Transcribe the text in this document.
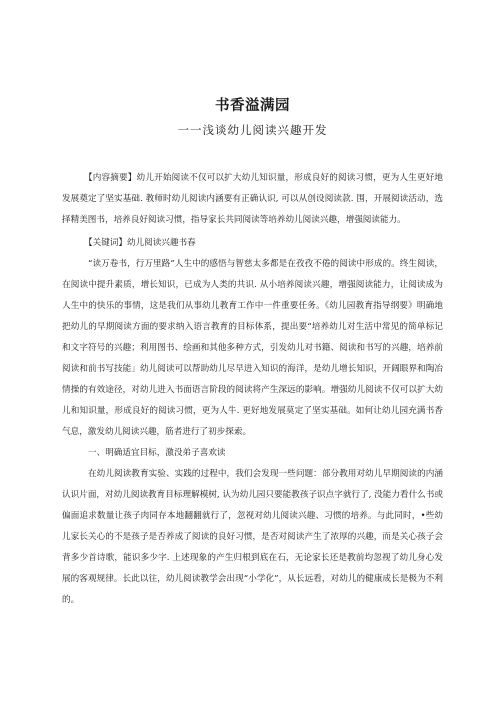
书香溢满园

一一浅谈幼儿阅读兴趣开发

【内容摘要】幼儿开始阅读不仅可以扩大幼儿知识量，形成良好的阅读习惯，更为人生更好地发展奠定了坚实基础. 教师时幼儿阅读内涵要有正确认识, 可以从创设阅读款. 围，开展阅读活动，选择精美图书，培养良好阅读习惯，指导家长共同阅读等培养幼儿阅读兴趣，增强阅读能力。

【关键词】幼儿阅读兴趣书春

“读万卷书，行万里路”人生中的感悟与智慈太多都是在孜孜不倦的阅读中形成的。终生阅读，在阅读中提升素质，增长知识，已成为人类的共识. 从小培养阅读兴趣，增强阅读能力，让阅读成为人生中的快乐的事情，这是我们从事幼儿教育工作中一件重要任务。《幼儿园教育指导纲要》明确地把幼儿的早期阅读方面的要求纳入语言教育的目标体系，提出要“培养幼儿对生活中常见的简单标记和文字符号的兴趣；利用图书、绘画和其他多种方式，引发幼儿对书籍、阅读和书写的兴趣，培养前阅读和前书写技能」幼儿阅读可以帮助幼儿尽早进入知识的海洋，是幼儿增长知识，开阔眼界和陶冶情操的有效途径，对幼儿进入书面语言阶段的阅读将产生深远的影响。增强幼儿阅读不仅可以扩大幼儿和知识量，形成良好的阅读习惯，更为人牛. 更好地发展莫定了坚实基础。如何让幼儿园充满书香气息，激发幼儿阅读兴趣，筋者进行了初步探索。

一、明确适宜目标，激没弟子喜欢读

在幼儿阅读教育实验、实践的过程中，我们会发现一些问题：部分教用对幼儿早期阅读的内涵认识片面，对幼儿阅读教育目标理解模树, 认为幼儿园只要能教孩子识点字就行了, 没能力看什么书或偏面追求数量让孩子肉同存本地翻翻就行了，忽视对幼儿阅读兴趣、习惯的培养。与此同时，•些幼儿家长关心的不是孩子是否养成了阅读的良好习惯，是否对阅读产生了浓厚的兴趣，而是关心孩子会背多少首诗歌，能识多少字. 上述现象的产生归根到底在石，无论家长还是教前均忽视了幼儿身心发展的客观规律。长此以往，幼儿阅读教学会出现“小学化”，从长远看，对幼儿的健康成长是极为不利的。
